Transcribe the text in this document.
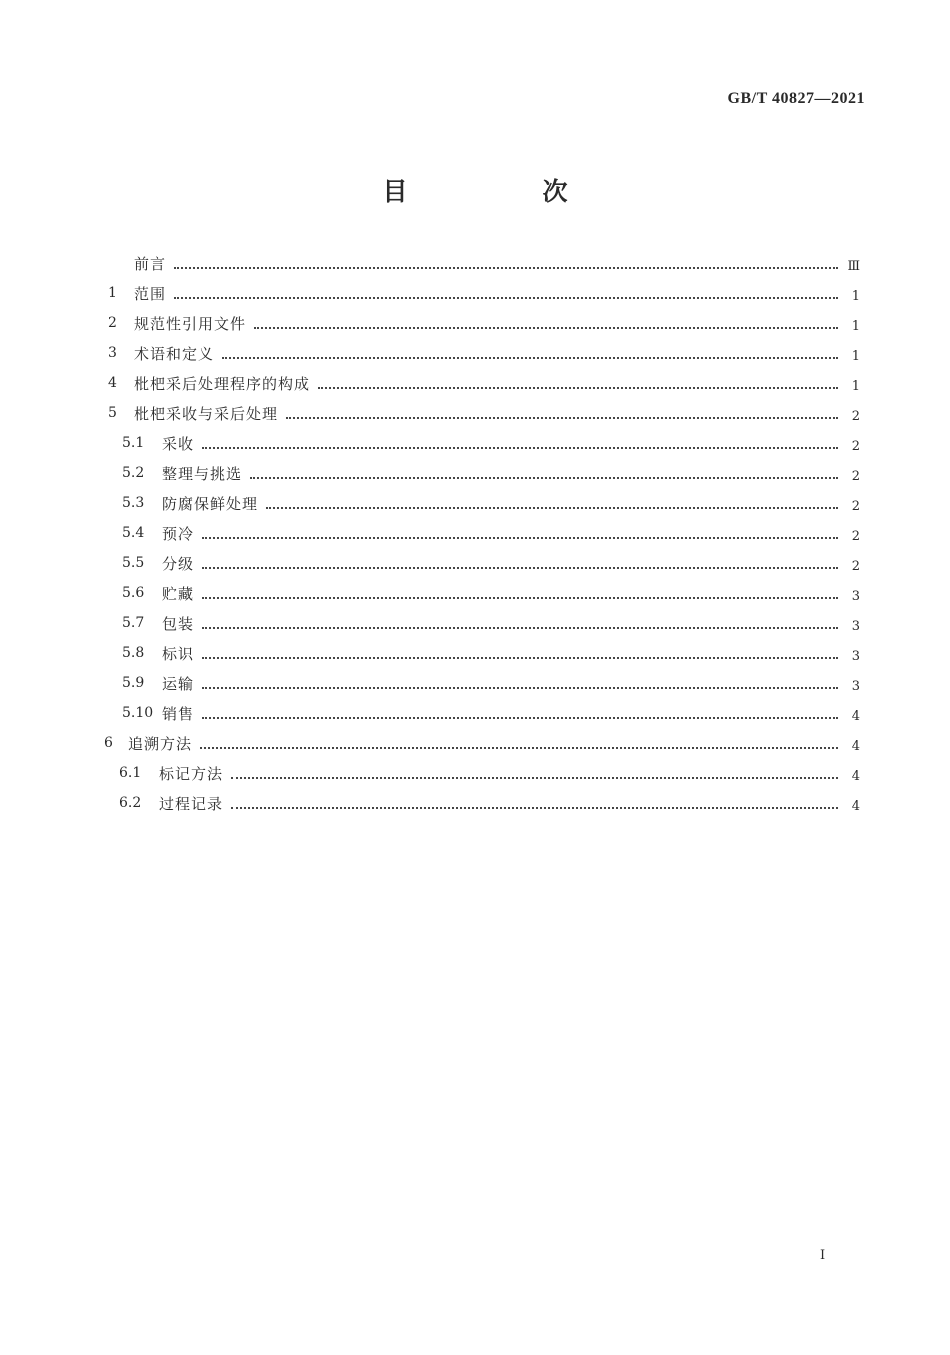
GB/T 40827—2021
目　次
前言	Ⅲ
1	范围	1
2	规范性引用文件	1
3	术语和定义	1
4	枇杷采后处理程序的构成	1
5	枇杷采收与采后处理	2
5.1	采收	2
5.2	整理与挑选	2
5.3	防腐保鲜处理	2
5.4	预冷	2
5.5	分级	2
5.6	贮藏	3
5.7	包装	3
5.8	标识	3
5.9	运输	3
5.10 销售	4
6	追溯方法	4
6.1	标记方法	4
6.2	过程记录	4
I
